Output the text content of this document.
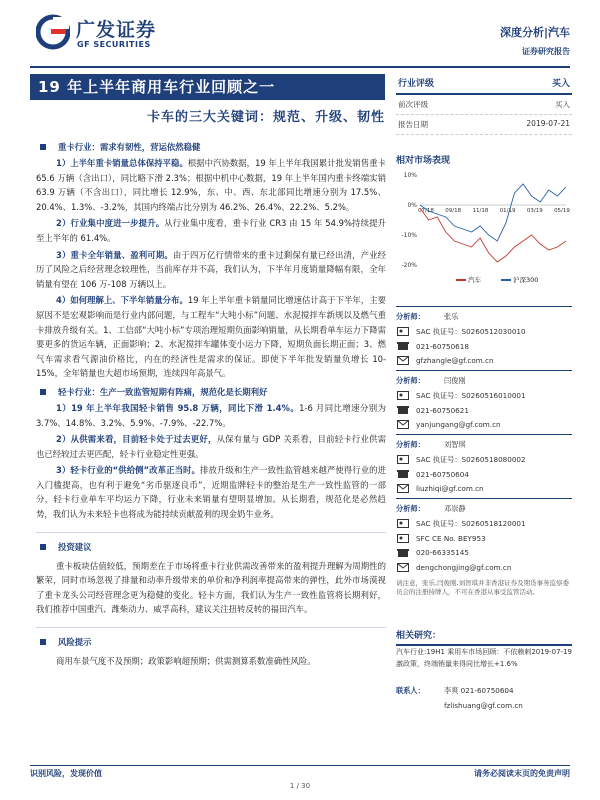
广发证券
GF SECURITIES
深度分析|汽车
证券研究报告
19 年上半年商用车行业回顾之一
卡车的三大关键词：规范、升级、韧性
重卡行业：需求有韧性，营运依然稳健

1）上半年重卡销量总体保持平稳。根据中汽协数据，19 年上半年我国累计批发销售重卡 65.6 万辆（含出口），同比略下滑 2.3%；根据中机中心数据，19 年上半年国内重卡终端实销 63.9 万辆（不含出口），同比增长 12.9%，东、中、西、东北部同比增速分别为 17.5%、20.4%、1.3%、-3.2%，其国内终端占比分别为 46.2%、26.4%、22.2%、5.2%。

2）行业集中度进一步提升。从行业集中度看，重卡行业 CR3 由 15 年 54.9%持续提升至上半年的 61.4%。

3）重卡全年销量、盈利可期。由于四万亿行情带来的重卡过剩保有量已经出清，产业经历了风险之后经营理念较理性，当前库存并不高，我们认为，下半年月度销量降幅有限，全年销量有望在 106 万-108 万辆以上。

4）如何理解上、下半年销量分布。19 年上半年重卡销量同比增速估计高于下半年，主要原因不是宏观影响而是行业内部问题，与工程车“大吨小标”问题、水泥搅拌车新规以及燃气重卡排放升级有关。1、工信部“大吨小标”专项治理短期负面影响销量，从长期看单车运力下降需要更多的货运车辆，正面影响；2、水泥搅拌车罐体变小运力下降，短期负面长期正面；3、燃气车需求看气源油价格比，内在的经济性是需求的保证。即使下半年批发销量负增长 10-15%，全年销量也大超市场预期，连续四年高景气。

轻卡行业：生产一致监管短期有阵痛，规范化是长期利好

1）19 年上半年我国轻卡销售 95.8 万辆，同比下滑 1.4%。1-6 月同比增速分别为 3.7%、14.8%、3.2%、5.9%、-7.9%、-22.7%。

2）从供需来看，目前轻卡处于过去更好，从保有量与 GDP 关系看，目前轻卡行业供需也已经较过去更匹配，轻卡行业稳定性更强。

3）轻卡行业的“供给侧”改革正当时。排放升级和生产一致性监管越来越严使得行业的进入门槛提高，也有利于避免“劣币驱逐良币”，近期监牌轻卡的整治是生产一致性监管的一部分，轻卡行业单车平均运力下降，行业未来销量有望明显增加。从长期看，规范化是必然趋势，我们认为未来轻卡也将成为能持续贡献盈利的现金奶牛业务。

投资建议

重卡板块估值较低，预期差在于市场将重卡行业供需改善带来的盈利提升理解为周期性的繁荣，同时市场忽视了排量和动率升级带来的单价和净利润率提高带来的弹性，此外市场漠视了重卡龙头公司经营理念更为稳健的变化。轻卡方面，我们认为生产一致性监管将长期利好，我们推荐中国重汽、潍柴动力、威孚高科，建议关注扭转反转的福田汽车。

风险提示

商用车景气度不及预期；政策影响超预期；供需测算系数准确性风险。

行业评级	买入
前次评级	买入
报告日期	2019-07-21
相对市场表现
10%
0%
-10%
-20%
07/18 09/18 11/18 01/19 03/19 05/19
汽车	沪深300
分析师：	张乐
SAC 执证号：S0260512030010
021-60750618
gfzhangle@gf.com.cn
分析师：	闫俊刚
SAC 执证号：S0260516010001
021-60750621
yanjungang@gf.com.cn
分析师：	刘智琪
SAC 执证号：S0260518080002
021-60750604
liuzhiqi@gf.com.cn
分析师：	邓崇静
SAC 执证号：S0260518120001
SFC CE No. BEY953
020-66335145
dengchongjing@gf.com.cn
请注意，张乐,闫俊刚,刘智琪并非香港证券及期货事务监察委员会的注册持牌人，不可在香港从事受监管活动。
相关研究：
2019-07-19
汽车行业:19H1 乘用车市场回顾：不依赖刺激政策，终端销量来得同比增长+1.6%
联系人：	李爽 021-60750604
fzlishuang@gf.com.cn
识别风险，发现价值	请务必阅读末页的免责声明
1 / 30
